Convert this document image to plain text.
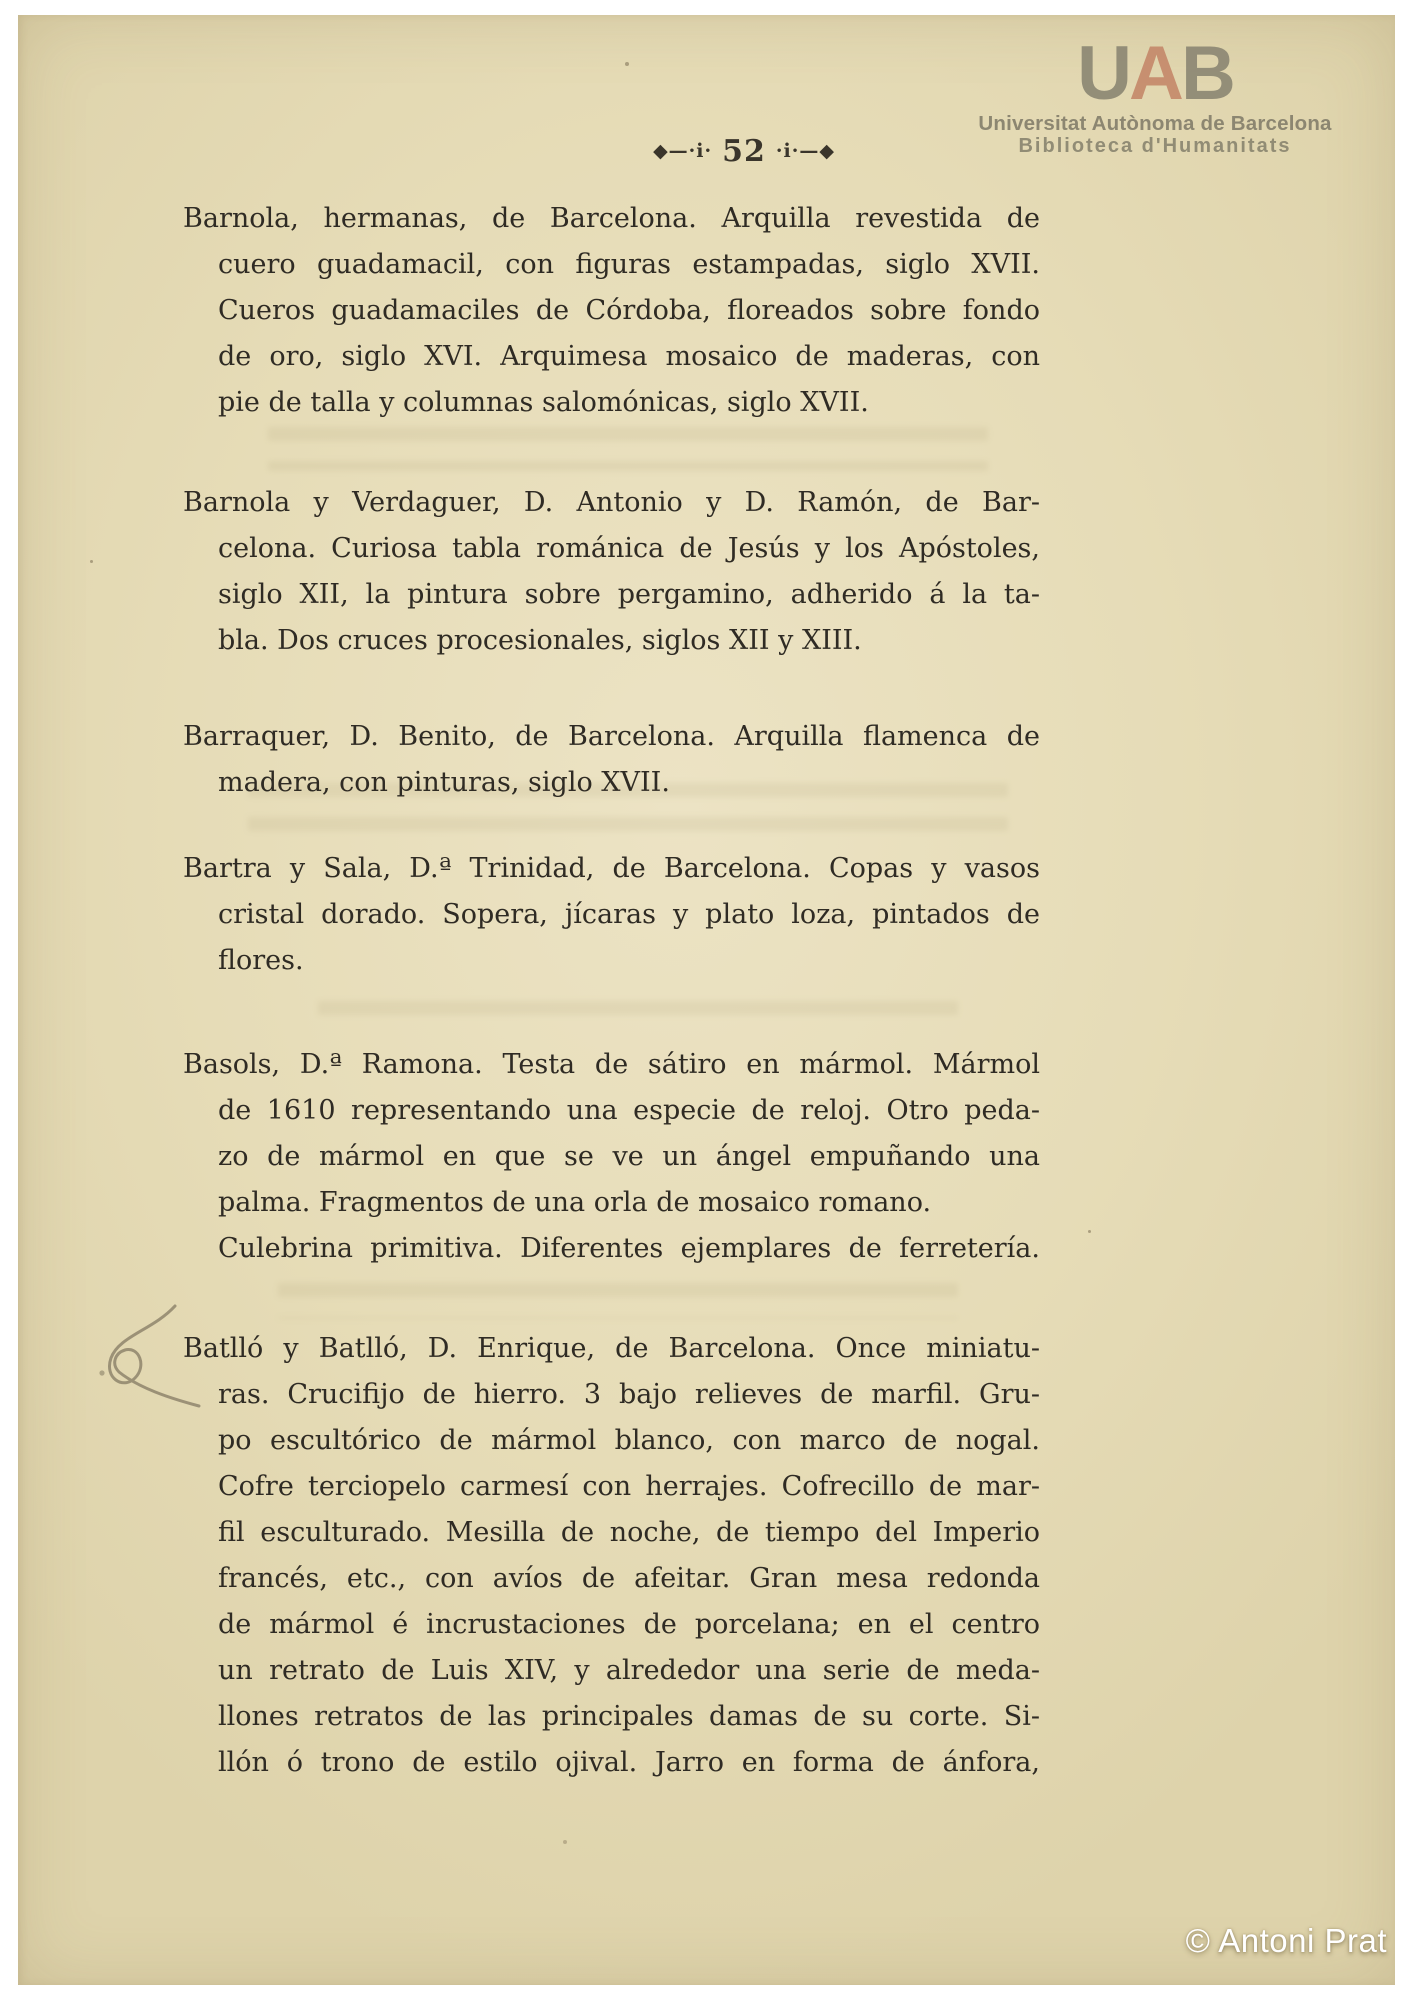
◆—·i· 52 ·i·—◆
UAB
Universitat Autònoma de Barcelona
Biblioteca d'Humanitats
Barnola, hermanas, de Barcelona. Arquilla revestida de
cuero guadamacil, con figuras estampadas, siglo XVII.
Cueros guadamaciles de Córdoba, floreados sobre fondo
de oro, siglo XVI. Arquimesa mosaico de maderas, con
pie de talla y columnas salomónicas, siglo XVII.
Barnola y Verdaguer, D. Antonio y D. Ramón, de Bar-
celona. Curiosa tabla románica de Jesús y los Apóstoles,
siglo XII, la pintura sobre pergamino, adherido á la ta-
bla. Dos cruces procesionales, siglos XII y XIII.
Barraquer, D. Benito, de Barcelona. Arquilla flamenca de
madera, con pinturas, siglo XVII.
Bartra y Sala, D.ª Trinidad, de Barcelona. Copas y vasos
cristal dorado. Sopera, jícaras y plato loza, pintados de
flores.
Basols, D.ª Ramona. Testa de sátiro en mármol. Mármol
de 1610 representando una especie de reloj. Otro peda-
zo de mármol en que se ve un ángel empuñando una
palma. Fragmentos de una orla de mosaico romano.
Culebrina primitiva. Diferentes ejemplares de ferretería.
Batlló y Batlló, D. Enrique, de Barcelona. Once miniatu-
ras. Crucifijo de hierro. 3 bajo relieves de marfil. Gru-
po escultórico de mármol blanco, con marco de nogal.
Cofre terciopelo carmesí con herrajes. Cofrecillo de mar-
fil esculturado. Mesilla de noche, de tiempo del Imperio
francés, etc., con avíos de afeitar. Gran mesa redonda
de mármol é incrustaciones de porcelana; en el centro
un retrato de Luis XIV, y alrededor una serie de meda-
llones retratos de las principales damas de su corte. Si-
llón ó trono de estilo ojival. Jarro en forma de ánfora,
© Antoni Prat
